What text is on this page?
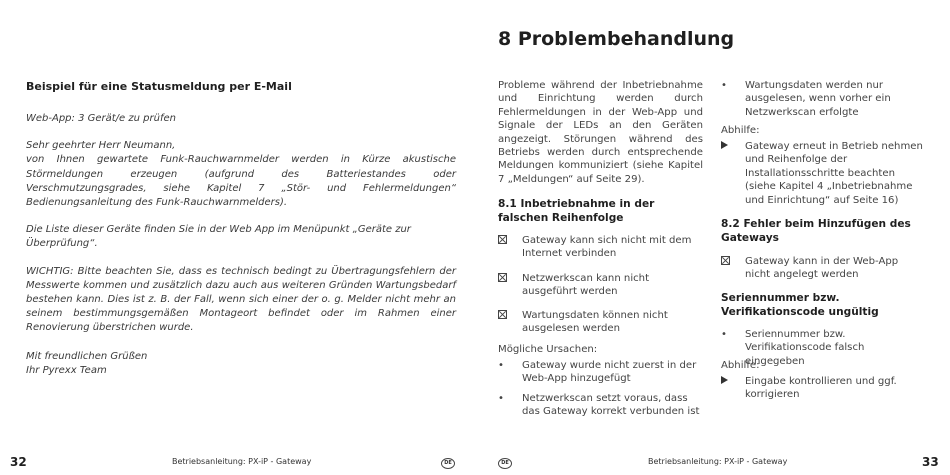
Beispiel für eine Statusmeldung per E-Mail

Web-App: 3 Gerät/e zu prüfen

Sehr geehrter Herr Neumann,

von Ihnen gewartete Funk-Rauchwarnmelder werden in Kürze akustische Störmeldungen erzeugen (aufgrund des Batteriestandes oder Verschmutzungsgrades, siehe Kapitel 7 „Stör- und Fehlermeldungen“ Bedienungsanleitung des Funk-Rauchwarnmelders).

Die Liste dieser Geräte finden Sie in der Web App im Menüpunkt „Geräte zur Überprüfung“.

WICHTIG: Bitte beachten Sie, dass es technisch bedingt zu Übertragungsfehlern der Messwerte kommen und zusätzlich dazu auch aus weiteren Gründen Wartungsbedarf bestehen kann. Dies ist z. B. der Fall, wenn sich einer der o. g. Melder nicht mehr an seinem bestimmungsgemäßen Montageort befindet oder im Rahmen einer Renovierung überstrichen wurde.

Mit freundlichen Grüßen

Ihr Pyrexx Team

8 Problembehandlung

Probleme während der Inbetriebnahme und Einrichtung werden durch Fehlermeldungen in der Web-App und Signale der LEDs an den Geräten angezeigt. Störungen während des Betriebs werden durch entsprechende Meldungen kommuniziert (siehe Kapitel 7 „Meldungen“ auf Seite 29).

8.1 Inbetriebnahme in der falschen Reihenfolge
Gateway kann sich nicht mit dem Internet verbinden
Netzwerkscan kann nicht ausgeführt werden
Wartungsdaten können nicht ausgelesen werden
Mögliche Ursachen:
•	Gateway wurde nicht zuerst in der Web-App hinzugefügt
•	Netzwerkscan setzt voraus, dass das Gateway korrekt verbunden ist
•	Wartungsdaten werden nur ausgelesen, wenn vorher ein Netzwerkscan erfolgte
Abhilfe:
Gateway erneut in Betrieb nehmen und Reihenfolge der Installationsschritte beachten (siehe Kapitel 4 „Inbetriebnahme und Einrichtung“ auf Seite 16)
8.2 Fehler beim Hinzufügen des Gateways
Gateway kann in der Web-App nicht angelegt werden
Seriennummer bzw. Verifikationscode ungültig
•	Seriennummer bzw. Verifikationscode falsch eingegeben
Abhilfe:
Eingabe kontrollieren und ggf. korrigieren
32	Betriebsanleitung: PX-iP - Gateway	DE	DE	Betriebsanleitung: PX-iP - Gateway	33
